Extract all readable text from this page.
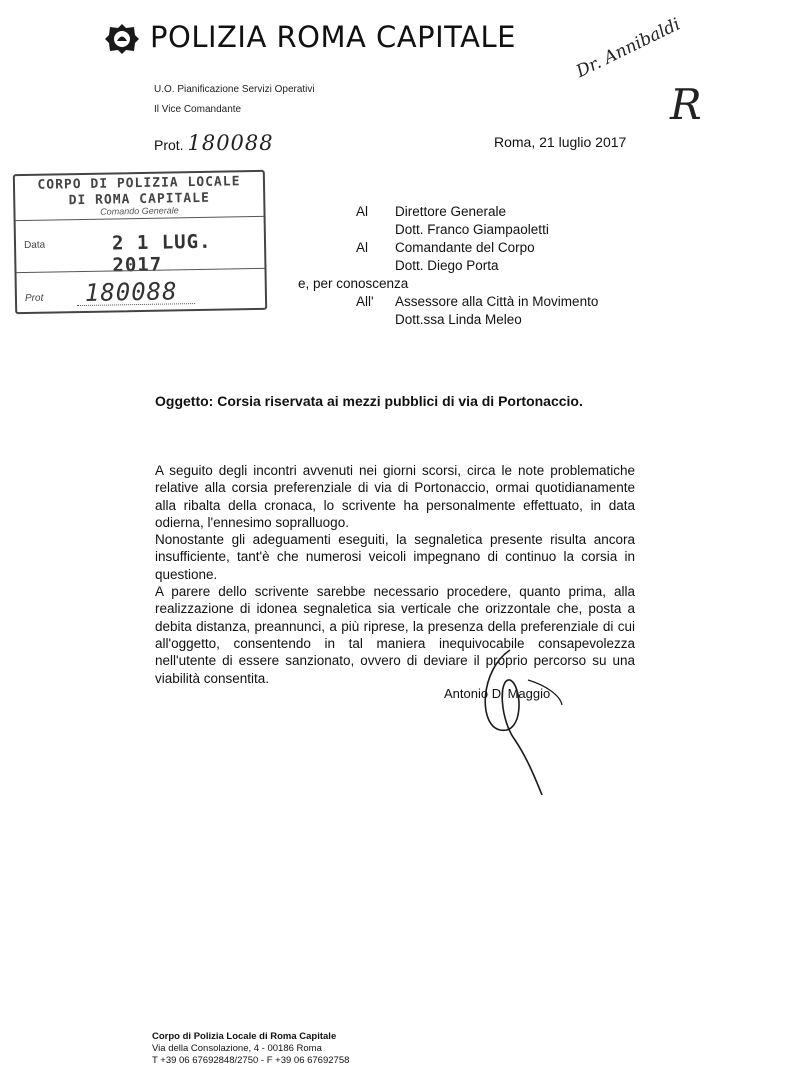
POLIZIA ROMA CAPITALE	Dr. Annibaldi
R
U.O. Pianificazione Servizi Operativi
Il Vice Comandante
Prot. 180088	Roma, 21 luglio 2017
CORPO DI POLIZIA LOCALE
DI ROMA CAPITALE
Comando Generale
Data	2 1 LUG. 2017
Prot 180088
Al	Direttore Generale
Dott. Franco Giampaoletti
Al	Comandante del Corpo
Dott. Diego Porta
e, per conoscenza
All'	Assessore alla Città in Movimento
Dott.ssa Linda Meleo
Oggetto: Corsia riservata ai mezzi pubblici di via di Portonaccio.

A seguito degli incontri avvenuti nei giorni scorsi, circa le note problematiche relative alla corsia preferenziale di via di Portonaccio, ormai quotidianamente alla ribalta della cronaca, lo scrivente ha personalmente effettuato, in data odierna, l'ennesimo sopralluogo.

Nonostante gli adeguamenti eseguiti, la segnaletica presente risulta ancora insufficiente, tant'è che numerosi veicoli impegnano di continuo la corsia in questione.

A parere dello scrivente sarebbe necessario procedere, quanto prima, alla realizzazione di idonea segnaletica sia verticale che orizzontale che, posta a debita distanza, preannunci, a più riprese, la presenza della preferenziale di cui all'oggetto, consentendo in tal maniera inequivocabile consapevolezza nell'utente di essere sanzionato, ovvero di deviare il proprio percorso su una viabilità consentita.

Antonio Di Maggio
Corpo di Polizia Locale di Roma Capitale
Via della Consolazione, 4 - 00186 Roma
T +39 06 67692848/2750 - F +39 06 67692758
